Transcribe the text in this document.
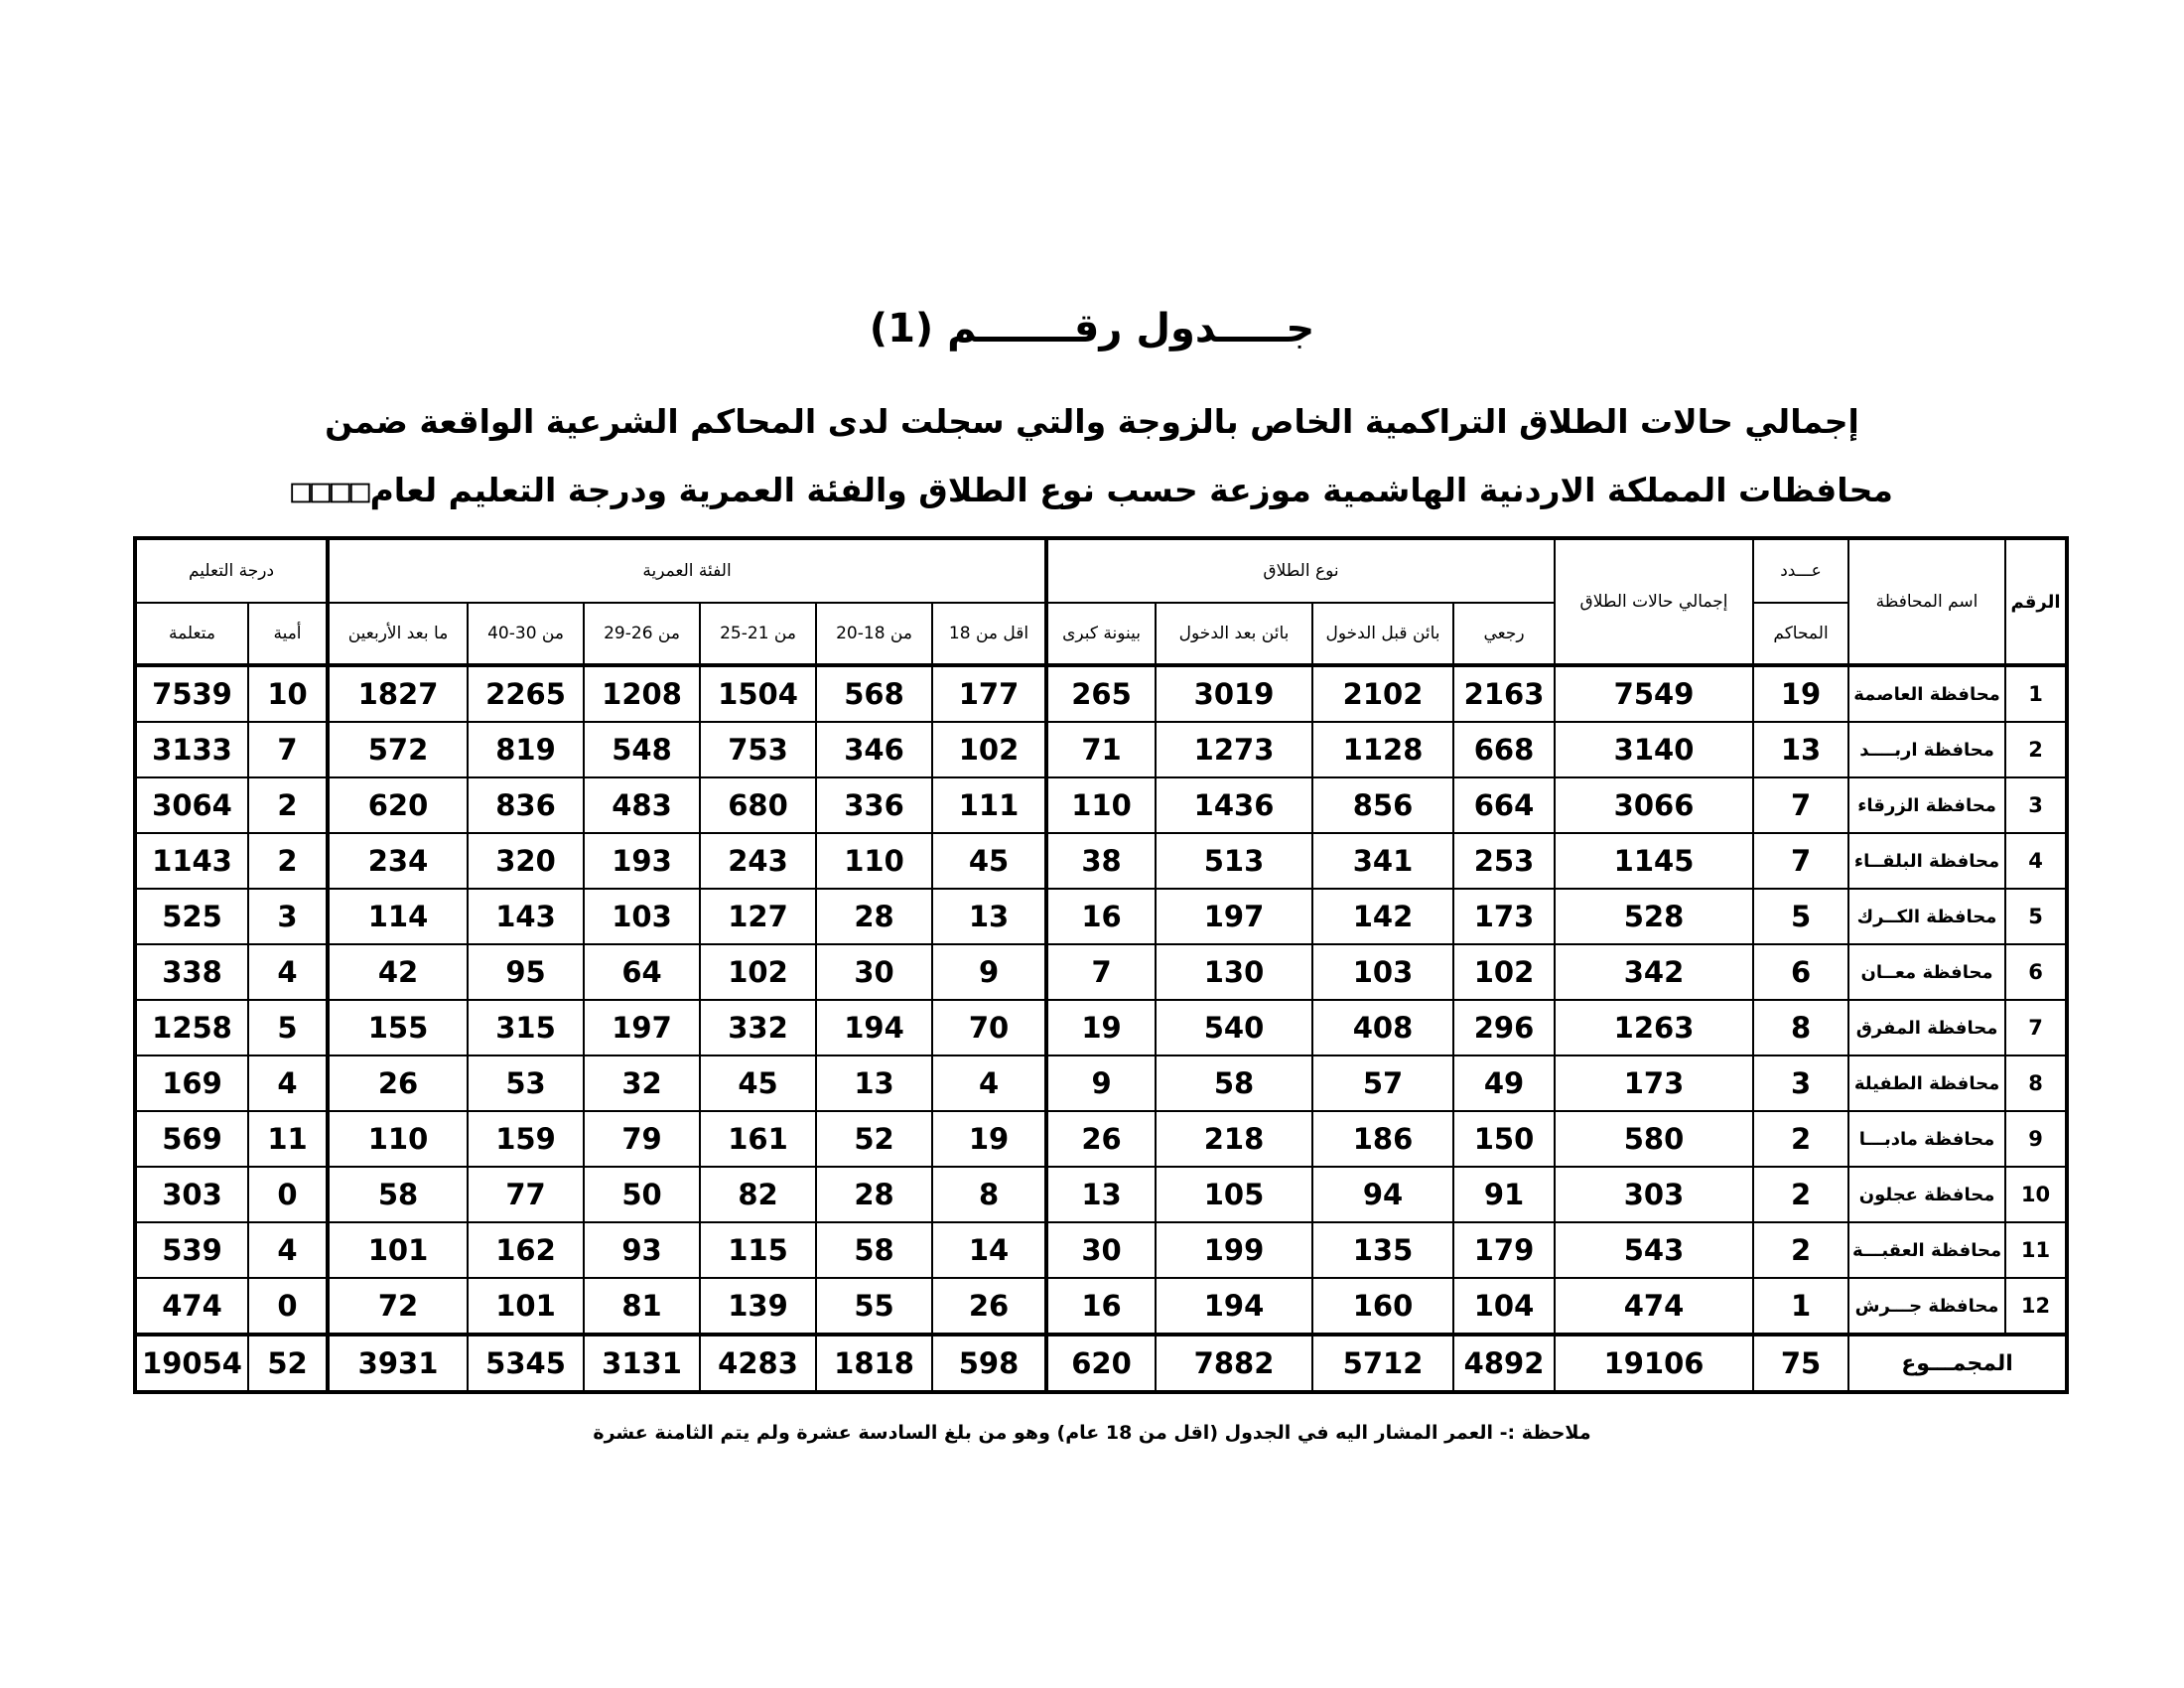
جـــــدول رقـــــــم (1)
إجمالي حالات الطلاق التراكمية الخاص بالزوجة والتي سجلت لدى المحاكم الشرعية الواقعة ضمن
محافظات المملكة الاردنية الهاشمية موزعة حسب نوع الطلاق والفئة العمرية ودرجة التعليم لعام□□□□
الرقم	اسم المحافظة	عـــدد	إجمالي حالات الطلاق	نوع الطلاق				الفئة العمرية						درجة التعليم	
		المحاكم		رجعي	بائن قبل الدخول	بائن بعد الدخول	بينونة كبرى	اقل من 18	من 18-20	من 21-25	من 26-29	من 30-40	ما بعد الأربعين	أمية	متعلمة
1	محافظة العاصمة	19	7549	2163	2102	3019	265	177	568	1504	1208	2265	1827	10	7539
2	محافظة اربــــد	13	3140	668	1128	1273	71	102	346	753	548	819	572	7	3133
3	محافظة الزرقاء	7	3066	664	856	1436	110	111	336	680	483	836	620	2	3064
4	محافظة البلقــاء	7	1145	253	341	513	38	45	110	243	193	320	234	2	1143
5	محافظة الكــرك	5	528	173	142	197	16	13	28	127	103	143	114	3	525
6	محافظة معــان	6	342	102	103	130	7	9	30	102	64	95	42	4	338
7	محافظة المفرق	8	1263	296	408	540	19	70	194	332	197	315	155	5	1258
8	محافظة الطفيلة	3	173	49	57	58	9	4	13	45	32	53	26	4	169
9	محافظة مادبـــا	2	580	150	186	218	26	19	52	161	79	159	110	11	569
10	محافظة عجلون	2	303	91	94	105	13	8	28	82	50	77	58	0	303
11	محافظة العقبـــة	2	543	179	135	199	30	14	58	115	93	162	101	4	539
12	محافظة جـــرش	1	474	104	160	194	16	26	55	139	81	101	72	0	474
المجمـــوع		75	19106	4892	5712	7882	620	598	1818	4283	3131	5345	3931	52	19054
ملاحظة :- العمر المشار اليه في الجدول (اقل من 18 عام) وهو من بلغ السادسة عشرة ولم يتم الثامنة عشرة
